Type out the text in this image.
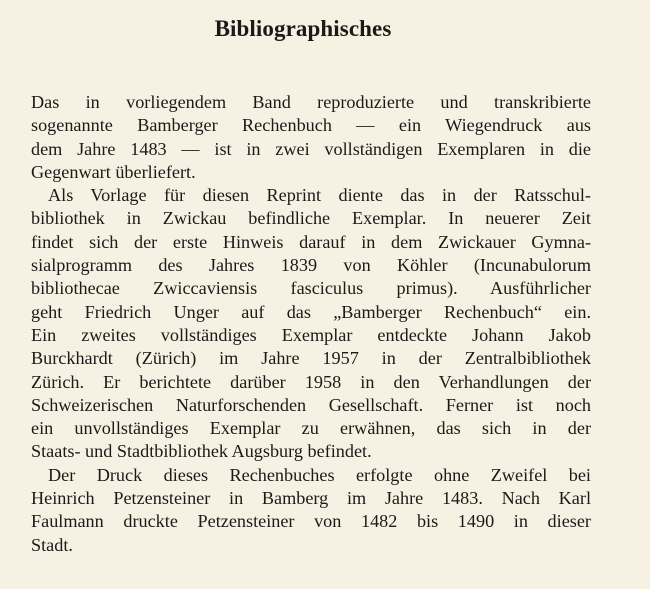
Bibliographisches
Das in vorliegendem Band reproduzierte und transkribierte
sogenannte Bamberger Rechenbuch — ein Wiegendruck aus
dem Jahre 1483 — ist in zwei vollständigen Exemplaren in die
Gegenwart überliefert.
Als Vorlage für diesen Reprint diente das in der Ratsschul-
bibliothek in Zwickau befindliche Exemplar. In neuerer Zeit
findet sich der erste Hinweis darauf in dem Zwickauer Gymna-
sialprogramm des Jahres 1839 von Köhler (Incunabulorum
bibliothecae Zwiccaviensis fasciculus primus). Ausführlicher
geht Friedrich Unger auf das „Bamberger Rechenbuch“ ein.
Ein zweites vollständiges Exemplar entdeckte Johann Jakob
Burckhardt (Zürich) im Jahre 1957 in der Zentralbibliothek
Zürich. Er berichtete darüber 1958 in den Verhandlungen der
Schweizerischen Naturforschenden Gesellschaft. Ferner ist noch
ein unvollständiges Exemplar zu erwähnen, das sich in der
Staats- und Stadtbibliothek Augsburg befindet.
Der Druck dieses Rechenbuches erfolgte ohne Zweifel bei
Heinrich Petzensteiner in Bamberg im Jahre 1483. Nach Karl
Faulmann druckte Petzensteiner von 1482 bis 1490 in dieser
Stadt.
